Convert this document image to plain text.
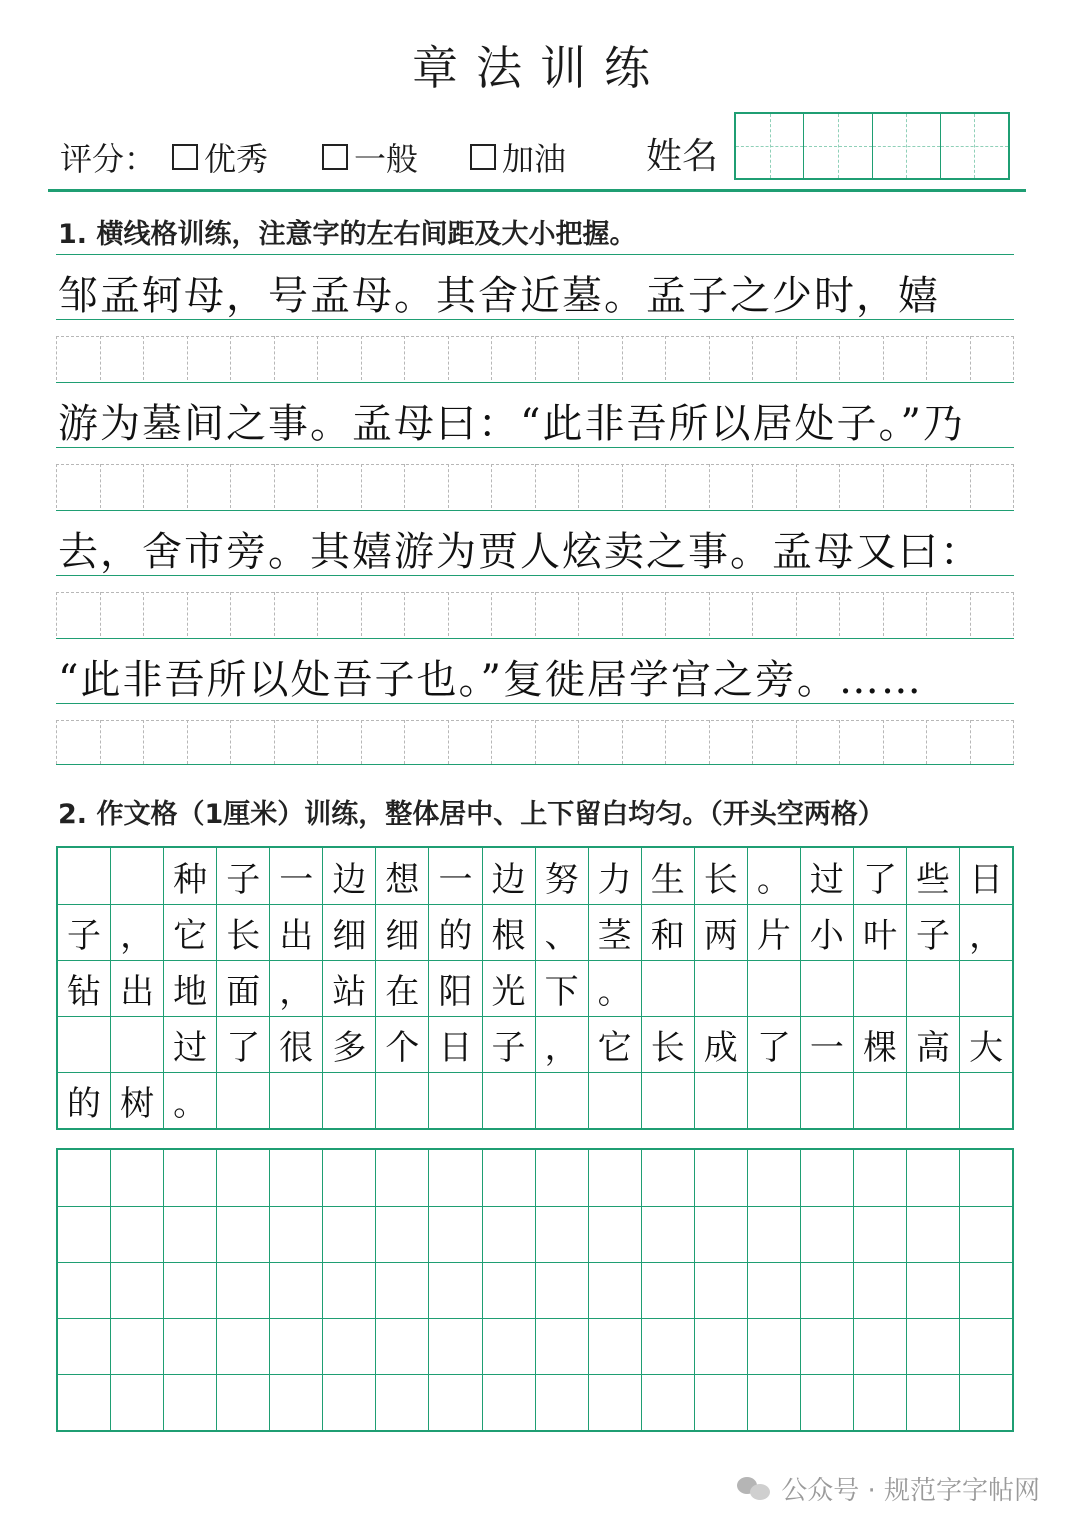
章法训练
评分： 优秀	一般	加油 姓名
1. 横线格训练，注意字的左右间距及大小把握。
邹孟轲母，号孟母。其舍近墓。孟子之少时，嬉
游为墓间之事。孟母曰：“此非吾所以居处子。”乃
去，舍市旁。其嬉游为贾人炫卖之事。孟母又曰：
“此非吾所以处吾子也。”复徙居学宫之旁。……
2. 作文格（1厘米）训练，整体居中、上下留白均匀。（开头空两格）
种 子 一 边 想 一 边 努 力 生 长 。 过 了 些 日
子 ， 它 长 出 细 细 的 根 、 茎 和 两 片 小 叶 子 ，
钻 出 地 面 ， 站 在 阳 光 下 。
过 了 很 多 个 日 子 ， 它 长 成 了 一 棵 高 大
的 树 。
公众号 · 规范字字帖网
